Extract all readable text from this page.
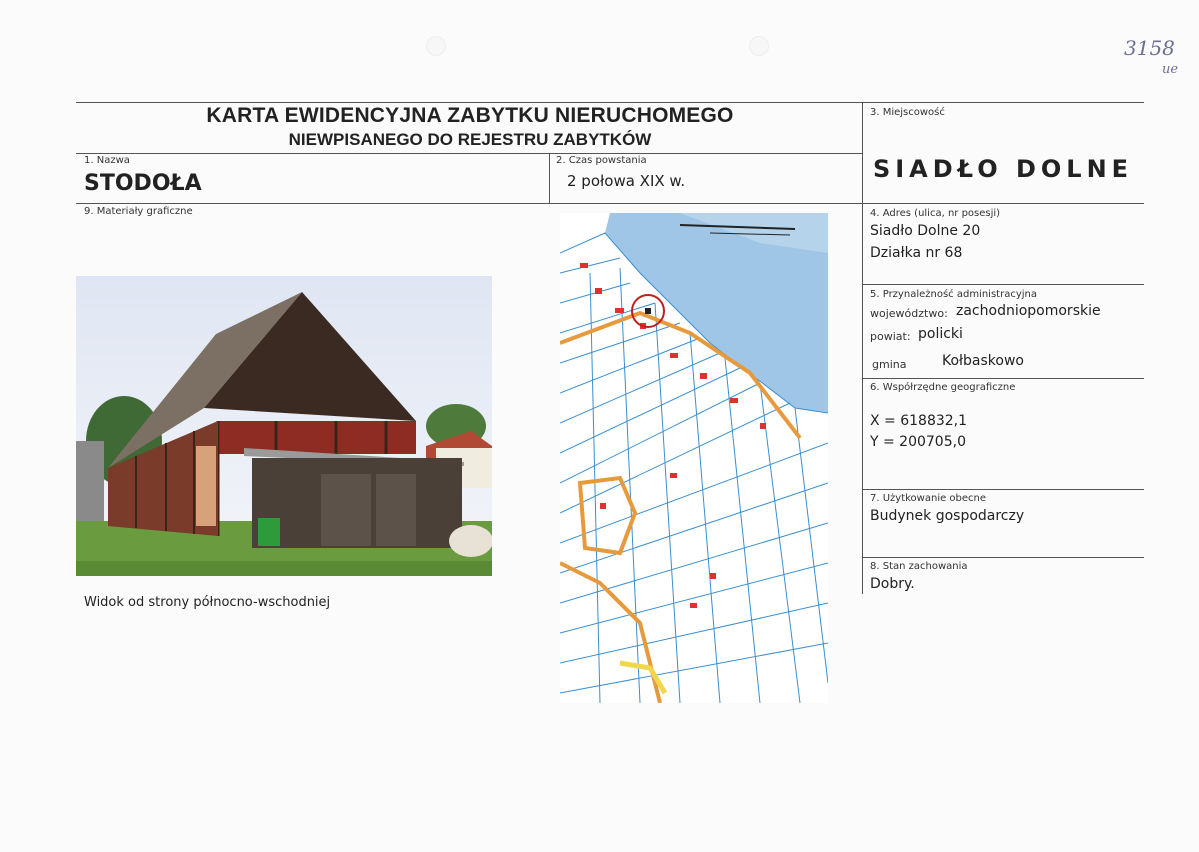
3158
ue
KARTA EWIDENCYJNA ZABYTKU NIERUCHOMEGO
NIEWPISANEGO DO REJESTRU ZABYTKÓW
1. Nazwa
STODOŁA
2. Czas powstania
2 połowa XIX w.
3. Miejscowość
SIADŁO DOLNE
4. Adres (ulica, nr posesji)
Siadło Dolne 20
Działka nr 68
5. Przynależność administracyjna
województwo: zachodniopomorskie
powiat: policki
gmina	Kołbaskowo
6. Współrzędne geograficzne
X = 618832,1
Y = 200705,0
7. Użytkowanie obecne
Budynek gospodarczy
8. Stan zachowania
Dobry.
9. Materiały graficzne
Widok od strony północno-wschodniej
